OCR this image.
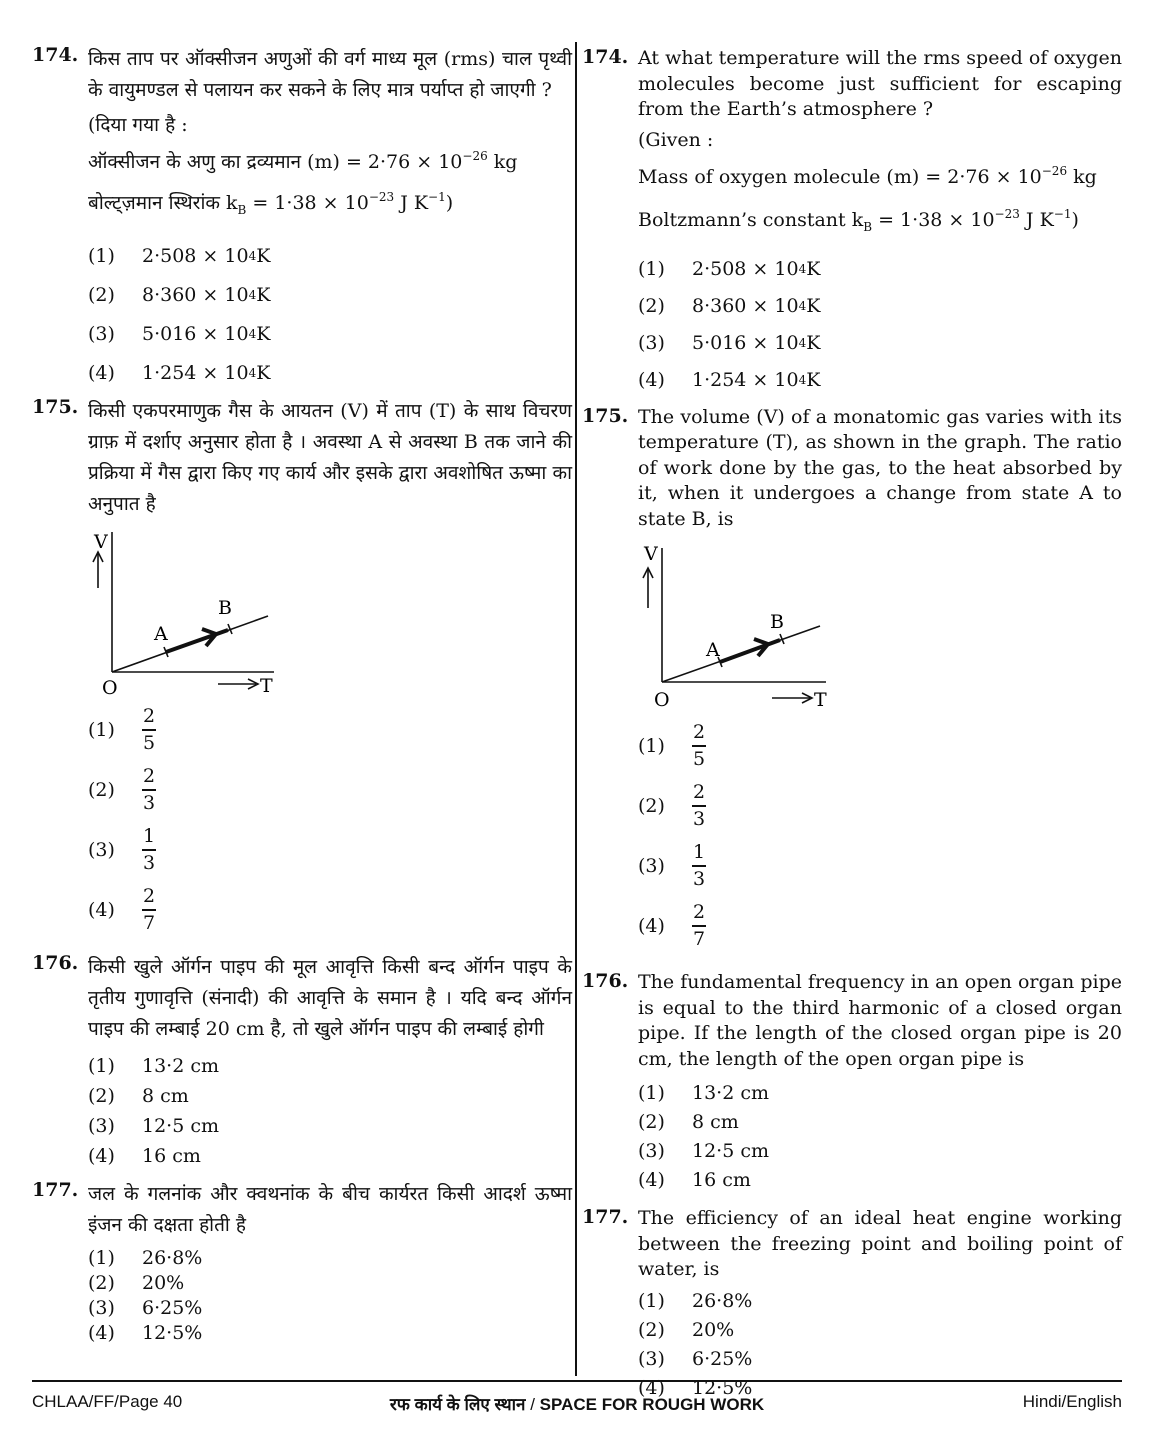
174. किस ताप पर ऑक्सीजन अणुओं की वर्ग माध्य मूल (rms) चाल पृथ्वी के वायुमण्डल से पलायन कर सकने के लिए मात्र पर्याप्त हो जाएगी ?
(दिया गया है :
ऑक्सीजन के अणु का द्रव्यमान $(m) = 2\cdot 76 \times 10^{-26}$ kg
बोल्ट्ज़मान स्थिरांक $k_B = 1\cdot 38 \times 10^{-23}$ J $K^{-1}$)
(1)	2·508 × 10 4 K
(2)	8·360 × 10 4 K
(3)	5·016 × 10 4 K
(4)	1·254 × 10 4 K
175. किसी एकपरमाणुक गैस के आयतन (V) में ताप (T) के साथ विचरण ग्राफ़ में दर्शाए अनुसार होता है । अवस्था A से अवस्था B तक जाने की प्रक्रिया में गैस द्वारा किए गए कार्य और इसके द्वारा अवशोषित ऊष्मा का अनुपात है
V
A
B
O	T
(1)	$\frac{2}{5}$
(2)	$\frac{2}{3}$
(3)	$\frac{1}{3}$
(4)	$\frac{2}{7}$
176. किसी खुले ऑर्गन पाइप की मूल आवृत्ति किसी बन्द ऑर्गन पाइप के तृतीय गुणावृत्ति (संनादी) की आवृत्ति के समान है । यदि बन्द ऑर्गन पाइप की लम्बाई 20 cm है, तो खुले ऑर्गन पाइप की लम्बाई होगी
(1)	13·2 cm
(2)	8 cm
(3)	12·5 cm
(4)	16 cm
177. जल के गलनांक और क्वथनांक के बीच कार्यरत किसी आदर्श ऊष्मा इंजन की दक्षता होती है
(1)	26·8%
(2)	20%
(3)	6·25%
(4)	12·5%
174. At what temperature will the rms speed of oxygen molecules become just sufficient for escaping from the Earth’s atmosphere ?
(Given :
Mass of oxygen molecule $(m) = 2\cdot 76 \times 10^{-26}$ kg
Boltzmann’s constant $k_B = 1\cdot 38 \times 10^{-23}$ J $K^{-1}$)
(1)	2·508 × 10 4 K
(2)	8·360 × 10 4 K
(3)	5·016 × 10 4 K
(4)	1·254 × 10 4 K
175. The volume (V) of a monatomic gas varies with its temperature (T), as shown in the graph. The ratio of work done by the gas, to the heat absorbed by it, when it undergoes a change from state A to state B, is
V
A
B
O	T
(1)	$\frac{2}{5}$
(2)	$\frac{2}{3}$
(3)	$\frac{1}{3}$
(4)	$\frac{2}{7}$
176. The fundamental frequency in an open organ pipe is equal to the third harmonic of a closed organ pipe. If the length of the closed organ pipe is 20 cm, the length of the open organ pipe is
(1)	13·2 cm
(2)	8 cm
(3)	12·5 cm
(4)	16 cm
177. The efficiency of an ideal heat engine working between the freezing point and boiling point of water, is
(1)	26·8%
(2)	20%
(3)	6·25%
(4)	12·5%
CHLAA/FF/Page 40	रफ कार्य के लिए स्थान / SPACE FOR ROUGH WORK	Hindi/English
